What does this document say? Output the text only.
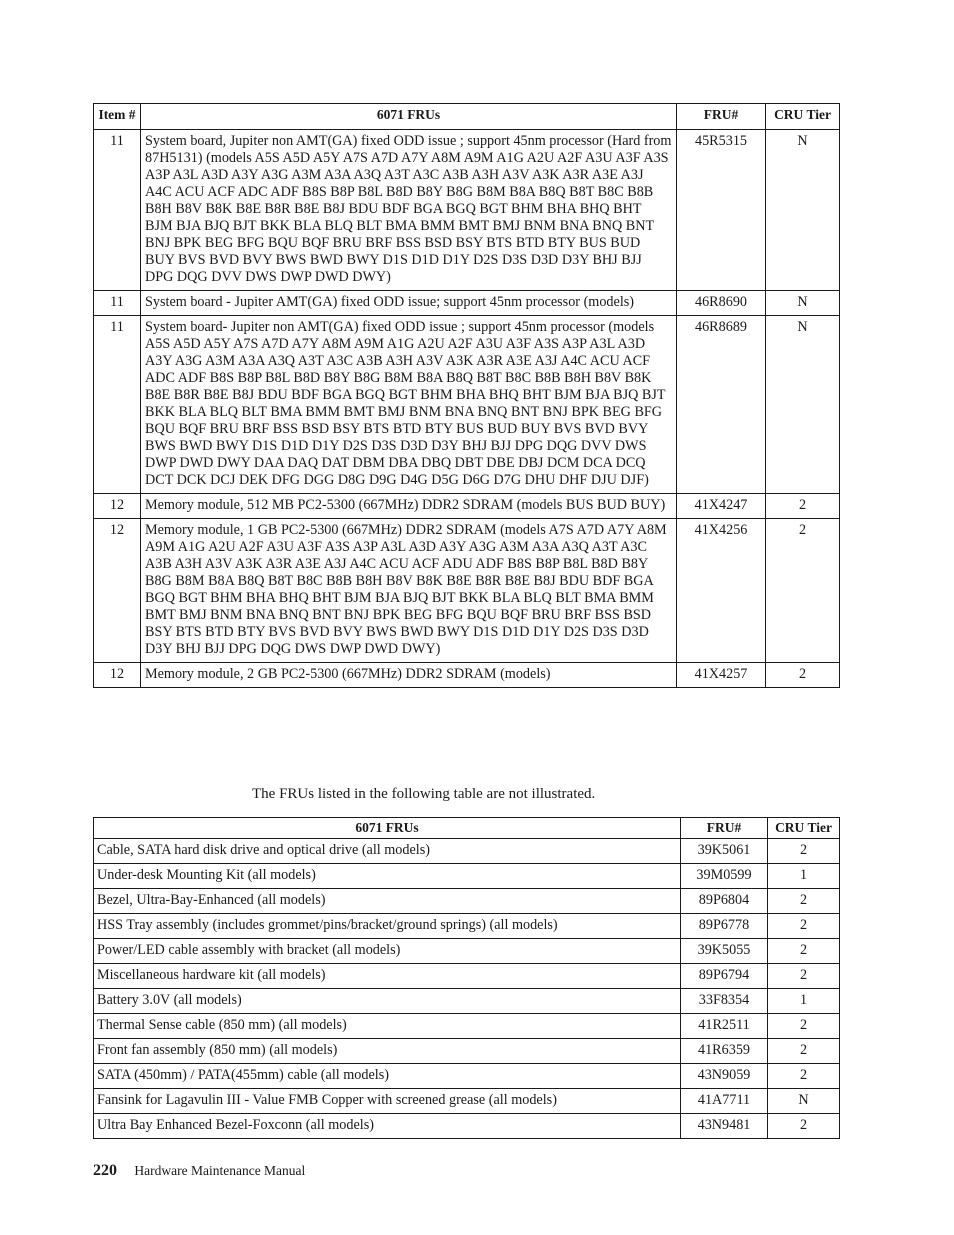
Item #	6071 FRUs	FRU#	CRU Tier
11	System board, Jupiter non AMT(GA) fixed ODD issue ; support 45nm processor (Hard from 87H5131) (models A5S A5D A5Y A7S A7D A7Y A8M A9M A1G A2U A2F A3U A3F A3S A3P A3L A3D A3Y A3G A3M A3A A3Q A3T A3C A3B A3H A3V A3K A3R A3E A3J A4C ACU ACF ADC ADF B8S B8P B8L B8D B8Y B8G B8M B8A B8Q B8T B8C B8B B8H B8V B8K B8E B8R B8E B8J BDU BDF BGA BGQ BGT BHM BHA BHQ BHT BJM BJA BJQ BJT BKK BLA BLQ BLT BMA BMM BMT BMJ BNM BNA BNQ BNT BNJ BPK BEG BFG BQU BQF BRU BRF BSS BSD BSY BTS BTD BTY BUS BUD BUY BVS BVD BVY BWS BWD BWY D1S D1D D1Y D2S D3S D3D D3Y BHJ BJJ DPG DQG DVV DWS DWP DWD DWY)	45R5315	N
11	System board - Jupiter AMT(GA) fixed ODD issue; support 45nm processor (models)	46R8690	N
11	System board- Jupiter non AMT(GA) fixed ODD issue ; support 45nm processor (models A5S A5D A5Y A7S A7D A7Y A8M A9M A1G A2U A2F A3U A3F A3S A3P A3L A3D A3Y A3G A3M A3A A3Q A3T A3C A3B A3H A3V A3K A3R A3E A3J A4C ACU ACF ADC ADF B8S B8P B8L B8D B8Y B8G B8M B8A B8Q B8T B8C B8B B8H B8V B8K B8E B8R B8E B8J BDU BDF BGA BGQ BGT BHM BHA BHQ BHT BJM BJA BJQ BJT BKK BLA BLQ BLT BMA BMM BMT BMJ BNM BNA BNQ BNT BNJ BPK BEG BFG BQU BQF BRU BRF BSS BSD BSY BTS BTD BTY BUS BUD BUY BVS BVD BVY BWS BWD BWY D1S D1D D1Y D2S D3S D3D D3Y BHJ BJJ DPG DQG DVV DWS DWP DWD DWY DAA DAQ DAT DBM DBA DBQ DBT DBE DBJ DCM DCA DCQ DCT DCK DCJ DEK DFG DGG D8G D9G D4G D5G D6G D7G DHU DHF DJU DJF)	46R8689	N
12	Memory module, 512 MB PC2-5300 (667MHz) DDR2 SDRAM (models BUS BUD BUY)	41X4247	2
12	Memory module, 1 GB PC2-5300 (667MHz) DDR2 SDRAM (models A7S A7D A7Y A8M A9M A1G A2U A2F A3U A3F A3S A3P A3L A3D A3Y A3G A3M A3A A3Q A3T A3C A3B A3H A3V A3K A3R A3E A3J A4C ACU ACF ADU ADF B8S B8P B8L B8D B8Y B8G B8M B8A B8Q B8T B8C B8B B8H B8V B8K B8E B8R B8E B8J BDU BDF BGA BGQ BGT BHM BHA BHQ BHT BJM BJA BJQ BJT BKK BLA BLQ BLT BMA BMM BMT BMJ BNM BNA BNQ BNT BNJ BPK BEG BFG BQU BQF BRU BRF BSS BSD BSY BTS BTD BTY BVS BVD BVY BWS BWD BWY D1S D1D D1Y D2S D3S D3D D3Y BHJ BJJ DPG DQG DWS DWP DWD DWY)	41X4256	2
12	Memory module, 2 GB PC2-5300 (667MHz) DDR2 SDRAM (models)	41X4257	2
The FRUs listed in the following table are not illustrated.
6071 FRUs	FRU#	CRU Tier
Cable, SATA hard disk drive and optical drive (all models)	39K5061	2
Under-desk Mounting Kit (all models)	39M0599	1
Bezel, Ultra-Bay-Enhanced (all models)	89P6804	2
HSS Tray assembly (includes grommet/pins/bracket/ground springs) (all models)	89P6778	2
Power/LED cable assembly with bracket (all models)	39K5055	2
Miscellaneous hardware kit (all models)	89P6794	2
Battery 3.0V (all models)	33F8354	1
Thermal Sense cable (850 mm) (all models)	41R2511	2
Front fan assembly (850 mm) (all models)	41R6359	2
SATA (450mm) / PATA(455mm) cable (all models)	43N9059	2
Fansink for Lagavulin III - Value FMB Copper with screened grease (all models)	41A7711	N
Ultra Bay Enhanced Bezel-Foxconn (all models)	43N9481	2
220 Hardware Maintenance Manual
